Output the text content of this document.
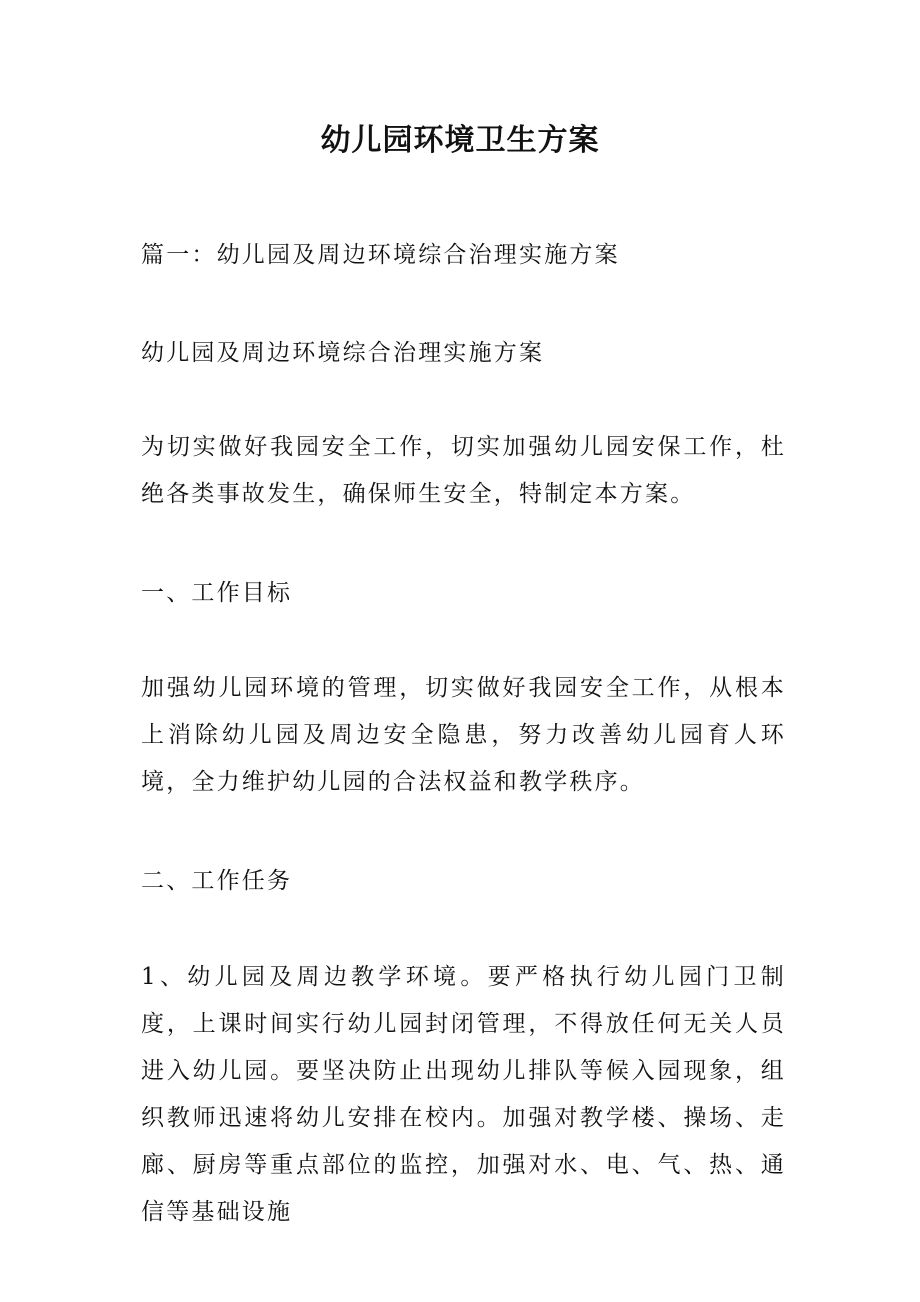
幼儿园环境卫生方案

篇一：幼儿园及周边环境综合治理实施方案

幼儿园及周边环境综合治理实施方案

为切实做好我园安全工作，切实加强幼儿园安保工作，杜绝各类事故发生，确保师生安全，特制定本方案。

一、工作目标

加强幼儿园环境的管理，切实做好我园安全工作，从根本上消除幼儿园及周边安全隐患，努力改善幼儿园育人环境，全力维护幼儿园的合法权益和教学秩序。

二、工作任务

1、幼儿园及周边教学环境。要严格执行幼儿园门卫制度，上课时间实行幼儿园封闭管理，不得放任何无关人员进入幼儿园。要坚决防止出现幼儿排队等候入园现象，组织教师迅速将幼儿安排在校内。加强对教学楼、操场、走廊、厨房等重点部位的监控，加强对水、电、气、热、通信等基础设施
